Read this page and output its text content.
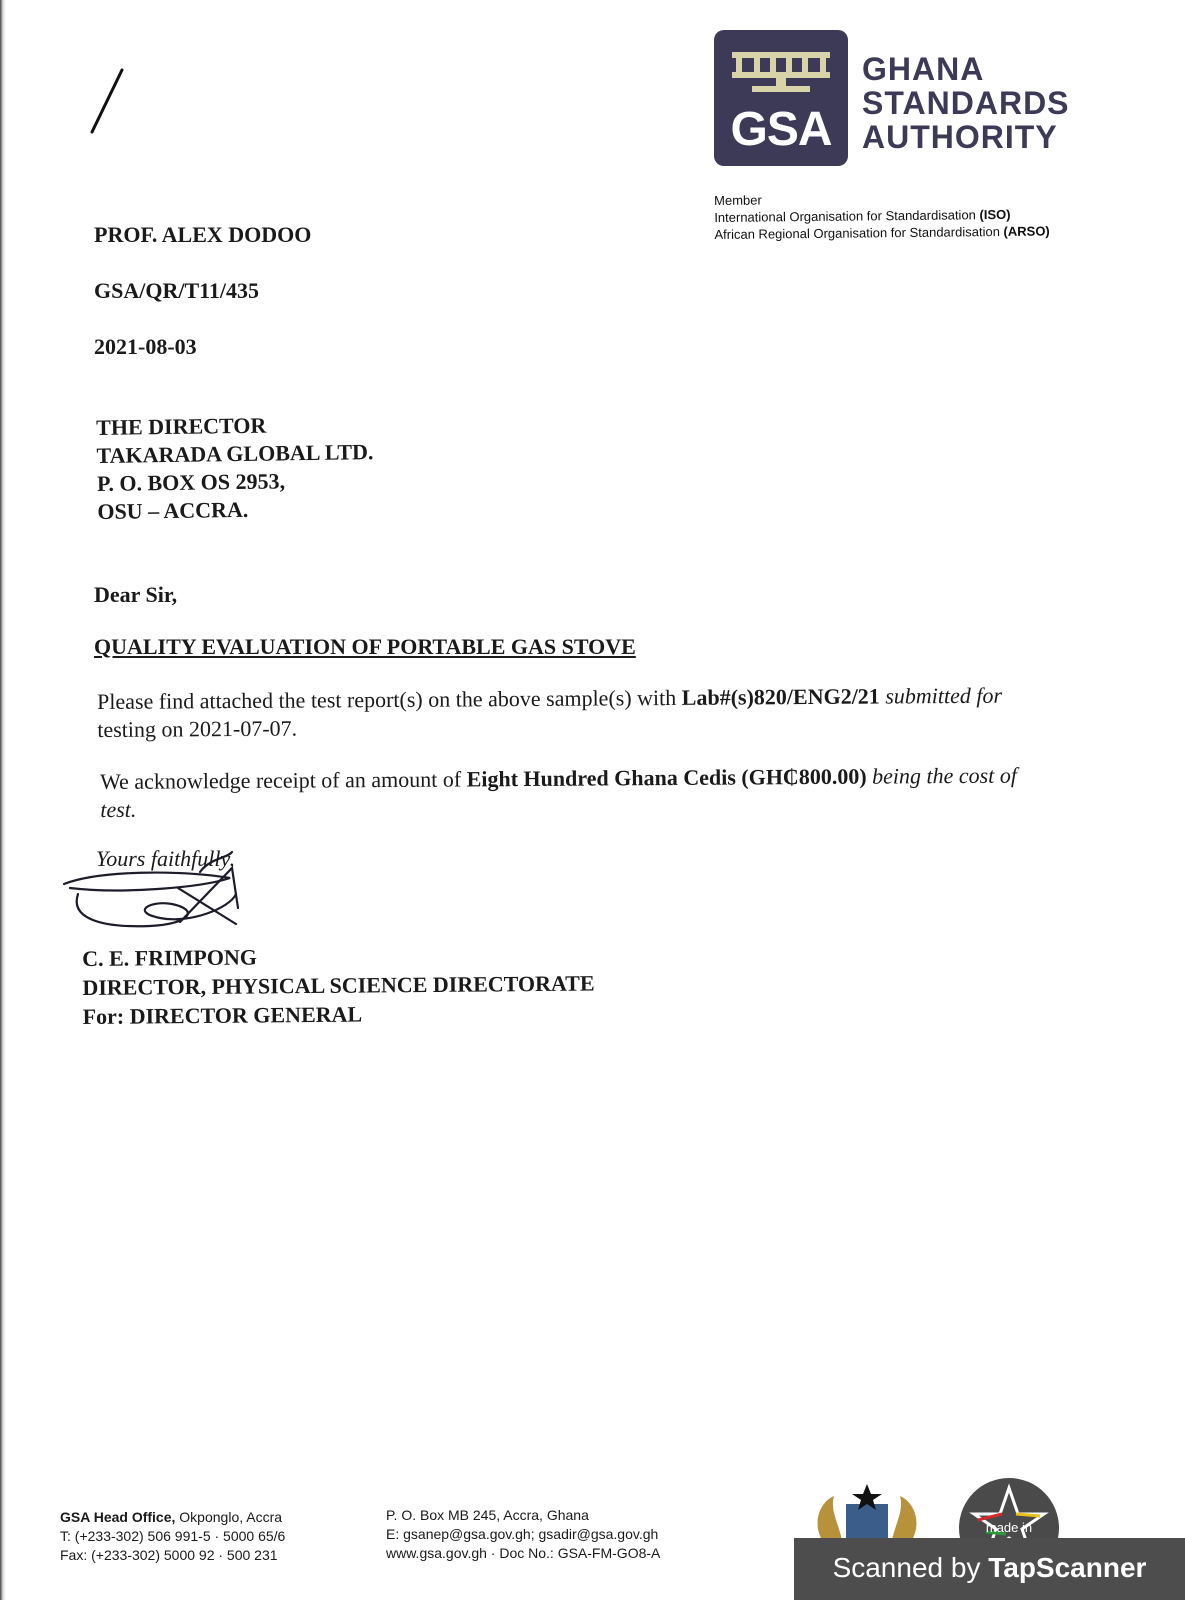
GSA
GHANA
STANDARDS
AUTHORITY
Member
International Organisation for Standardisation (ISO)
African Regional Organisation for Standardisation (ARSO)
PROF. ALEX DODOO
GSA/QR/T11/435
2021-08-03
THE DIRECTOR
TAKARADA GLOBAL LTD.
P. O. BOX OS 2953,
OSU – ACCRA.
Dear Sir,
QUALITY EVALUATION OF PORTABLE GAS STOVE
Please find attached the test report(s) on the above sample(s) with Lab#(s)820/ENG2/21 submitted for
testing on 2021-07-07.
We acknowledge receipt of an amount of Eight Hundred Ghana Cedis (GH₵800.00) being the cost of
test.
Yours faithfully,
C. E. FRIMPONG
DIRECTOR, PHYSICAL SCIENCE DIRECTORATE
For: DIRECTOR GENERAL
GSA Head Office, Okponglo, Accra
T: (+233-302) 506 991-5 · 5000 65/6
Fax: (+233-302) 5000 92 · 500 231
P. O. Box MB 245, Accra, Ghana
E: gsanep@gsa.gov.gh; gsadir@gsa.gov.gh
www.gsa.gov.gh · Doc No.: GSA-FM-GO8-A
made in
Scanned by TapScanner
